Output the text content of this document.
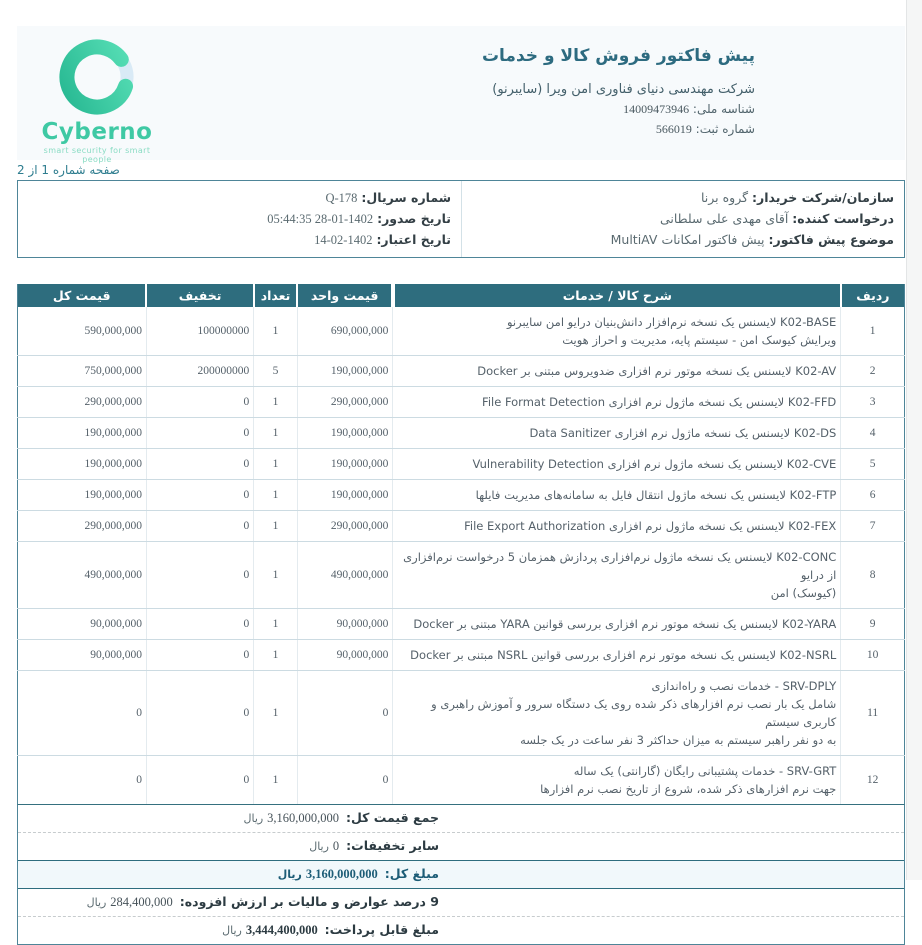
پیش فاکتور فروش کالا و خدمات
شرکت مهندسی دنیای فناوری امن ویرا (سایبرنو)
شناسه ملی: 14009473946
شماره ثبت: 566019
Cyberno
smart security for smart people
صفحه شماره 1 از 2
سازمان/شرکت خریدار: گروه برنا
درخواست کننده: آقای مهدی علی سلطانی
موضوع پیش فاکتور: پیش فاکتور امکانات MultiAV
شماره سریال: Q-178
تاریخ صدور: 1402-01-28 05:44:35
تاریخ اعتبار: 1402-02-14
ردیف	شرح کالا / خدمات	قیمت واحد	تعداد	تخفیف	قیمت کل
1	K02-BASE لایسنس یک نسخه نرم‌افزار دانش‌بنیان درایو امن سایبرنو
ویرایش کیوسک امن - سیستم پایه، مدیریت و احراز هویت	690,000,000	1	100000000	590,000,000
2	K02-AV لایسنس یک نسخه موتور نرم افزاری ضدویروس مبتنی بر Docker	190,000,000	5	200000000	750,000,000
3	K02-FFD لایسنس یک نسخه ماژول نرم افزاری File Format Detection	290,000,000	1	0	290,000,000
4	K02-DS لایسنس یک نسخه ماژول نرم افزاری Data Sanitizer	190,000,000	1	0	190,000,000
5	K02-CVE لایسنس یک نسخه ماژول نرم افزاری Vulnerability Detection	190,000,000	1	0	190,000,000
6	K02-FTP لایسنس یک نسخه ماژول انتقال فایل به سامانه‌های مدیریت فایلها	190,000,000	1	0	190,000,000
7	K02-FEX لایسنس یک نسخه ماژول نرم افزاری File Export Authorization	290,000,000	1	0	290,000,000
8	K02-CONC لایسنس یک نسخه ماژول نرم‌افزاری پردازش همزمان 5 درخواست نرم‌افزاری از درایو
(کیوسک) امن	490,000,000	1	0	490,000,000
9	K02-YARA لایسنس یک نسخه موتور نرم افزاری بررسی قوانین YARA مبتنی بر Docker	90,000,000	1	0	90,000,000
10	K02-NSRL لایسنس یک نسخه موتور نرم افزاری بررسی قوانین NSRL مبتنی بر Docker	90,000,000	1	0	90,000,000
11	SRV-DPLY - خدمات نصب و راه‌اندازی
شامل یک بار نصب نرم افزارهای ذکر شده روی یک دستگاه سرور و آموزش راهبری و کاربری سیستم
به دو نفر راهبر سیستم به میزان حداکثر 3 نفر ساعت در یک جلسه	0	1	0	0
12	SRV-GRT - خدمات پشتیبانی رایگان (گارانتی) یک ساله
جهت نرم افزارهای ذکر شده، شروع از تاریخ نصب نرم افزارها	0	1	0	0
جمع قیمت کل: 3,160,000,000 ریال
سایر تخفیفات: 0 ریال
مبلغ کل: 3,160,000,000 ریال
9 درصد عوارض و مالیات بر ارزش افزوده: 284,400,000 ریال
مبلغ قابل پرداخت: 3,444,400,000 ریال
